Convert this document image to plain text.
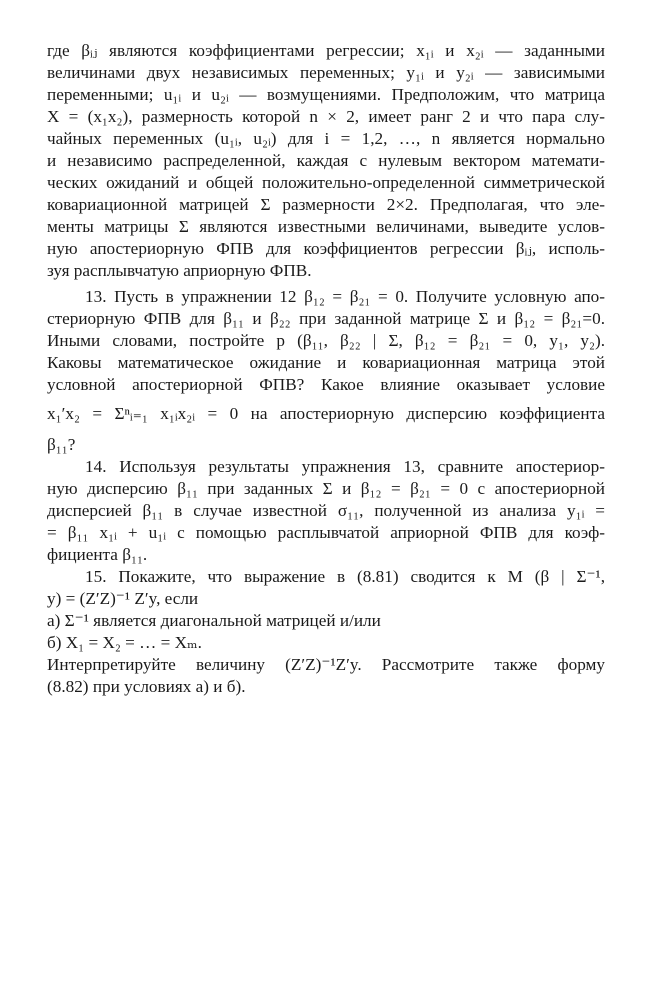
где βᵢⱼ являются коэффициентами регрессии; x₁ᵢ и x₂ᵢ — заданными
величинами двух независимых переменных; y₁ᵢ и y₂ᵢ — зависимыми
переменными; u₁ᵢ и u₂ᵢ — возмущениями. Предположим, что матрица
X = (x₁x₂), размерность которой n × 2, имеет ранг 2 и что пара слу-
чайных переменных (u₁ᵢ, u₂ᵢ) для i = 1,2, …, n является нормально
и независимо распределенной, каждая с нулевым вектором математи-
ческих ожиданий и общей положительно-определенной симметрической
ковариационной матрицей Σ размерности 2×2. Предполагая, что эле-
менты матрицы Σ являются известными величинами, выведите услов-
ную апостериорную ФПВ для коэффициентов регрессии βᵢⱼ, исполь-
зуя расплывчатую априорную ФПВ.
13. Пусть в упражнении 12 β₁₂ = β₂₁ = 0. Получите условную апо-
стериорную ФПВ для β₁₁ и β₂₂ при заданной матрице Σ и β₁₂ = β₂₁=0.
Иными словами, постройте p (β₁₁, β₂₂ | Σ, β₁₂ = β₂₁ = 0, y₁, y₂).
Каковы математическое ожидание и ковариационная матрица этой
условной апостериорной ФПВ? Какое влияние оказывает условие
x₁′x₂ = Σⁿᵢ₌₁ x₁ᵢx₂ᵢ = 0 на апостериорную дисперсию коэффициента
β₁₁?
14. Используя результаты упражнения 13, сравните апостериор-
ную дисперсию β₁₁ при заданных Σ и β₁₂ = β₂₁ = 0 с апостериорной
дисперсией β₁₁ в случае известной σ₁₁, полученной из анализа y₁ᵢ =
= β₁₁ x₁ᵢ + u₁ᵢ с помощью расплывчатой априорной ФПВ для коэф-
фициента β₁₁.
15. Покажите, что выражение в (8.81) сводится к M (β | Σ⁻¹,
y) = (Z′Z)⁻¹ Z′y, если
а) Σ⁻¹ является диагональной матрицей и/или
б) X₁ = X₂ = … = Xₘ.
Интерпретируйте величину (Z′Z)⁻¹Z′y. Рассмотрите также форму
(8.82) при условиях а) и б).
